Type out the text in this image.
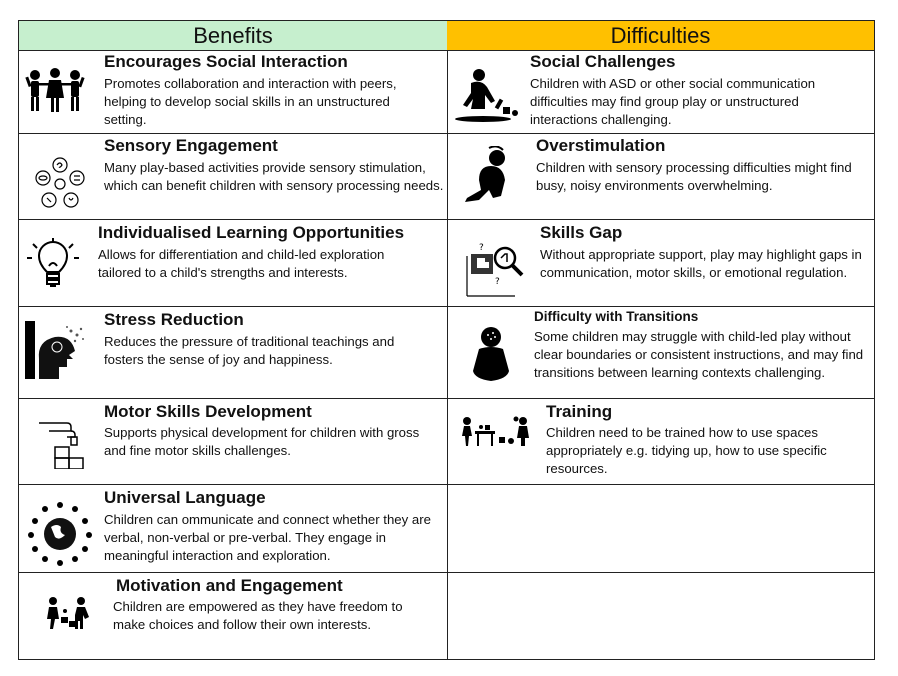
Benefits
Encourages Social Interaction
Promotes collaboration and interaction with peers, helping to develop social skills in an unstructured setting.
Sensory Engagement
Many play-based activities provide sensory stimulation, which can benefit children with sensory processing needs.
Individualised Learning Opportunities
Allows for differentiation and child-led exploration tailored to a child's strengths and interests.
Stress Reduction
Reduces the pressure of traditional teachings and fosters the sense of joy and happiness.
Motor Skills Development
Supports physical development for children with gross and fine motor skills challenges.
Universal Language
Children can ommunicate and connect whether they are verbal, non-verbal or pre-verbal. They engage in meaningful interaction and exploration.
Motivation and Engagement
Children are empowered as they have freedom to make choices and follow their own interests.
Difficulties
Social Challenges
Children with ASD or other social communication difficulties may find group play or unstructured interactions challenging.
Overstimulation
Children with sensory processing difficulties might find busy, noisy environments overwhelming.
?
?
Skills Gap
Without appropriate support, play may highlight gaps in communication, motor skills, or emotional regulation.
Difficulty with Transitions
Some children may struggle with child-led play without clear boundaries or consistent instructions, and may find transitions between learning contexts challenging.
Training
Children need to be trained how to use spaces appropriately e.g. tidying up, how to use specific resources.
